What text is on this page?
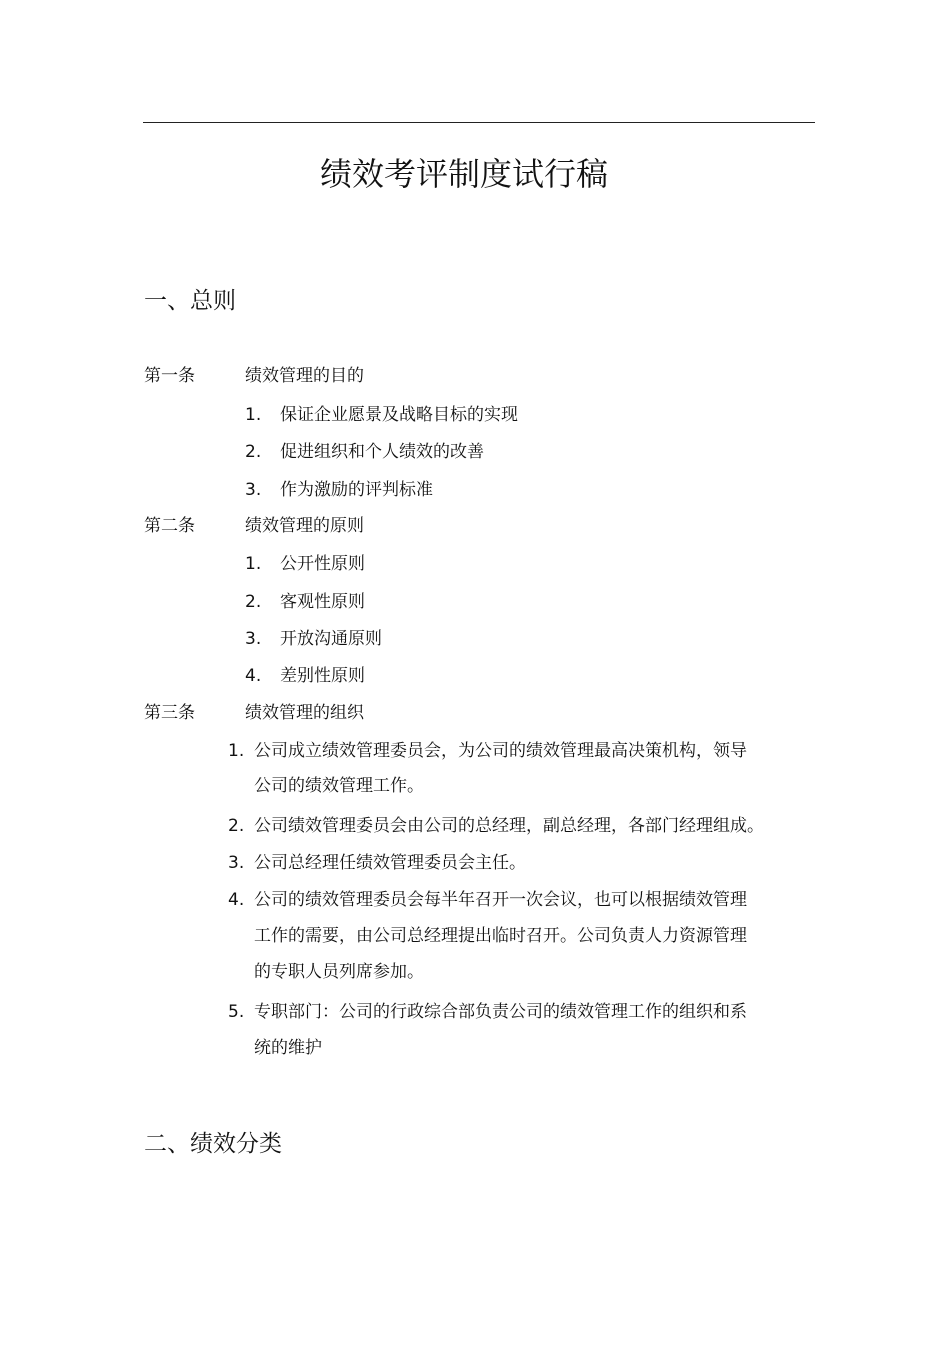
绩效考评制度试行稿
一、总则
第一条	绩效管理的目的
1. 保证企业愿景及战略目标的实现
2. 促进组织和个人绩效的改善
3. 作为激励的评判标准
第二条	绩效管理的原则
1. 公开性原则
2. 客观性原则
3. 开放沟通原则
4. 差别性原则
第三条	绩效管理的组织
1. 公司成立绩效管理委员会，为公司的绩效管理最高决策机构，领导
公司的绩效管理工作。
2. 公司绩效管理委员会由公司的总经理，副总经理，各部门经理组成。
3. 公司总经理任绩效管理委员会主任。
4. 公司的绩效管理委员会每半年召开一次会议，也可以根据绩效管理
工作的需要，由公司总经理提出临时召开。公司负责人力资源管理
的专职人员列席参加。
5. 专职部门：公司的行政综合部负责公司的绩效管理工作的组织和系
统的维护
二、绩效分类
